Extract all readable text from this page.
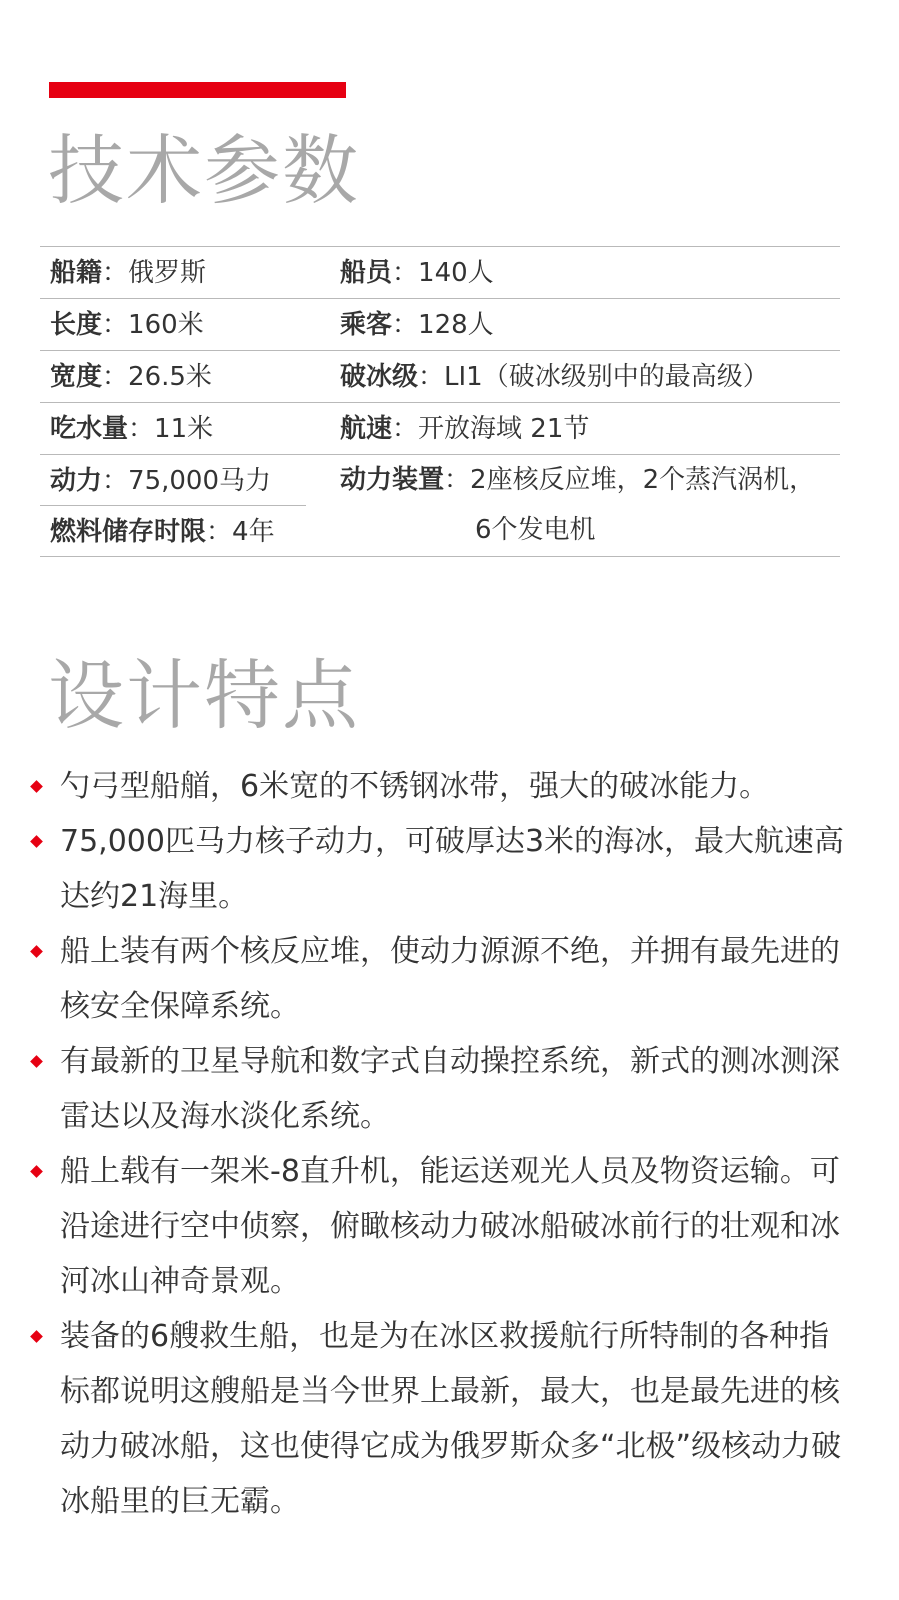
技术参数
船籍：俄罗斯	船员：140人
长度：160米	乘客：128人
宽度：26.5米	破冰级：LI1（破冰级别中的最高级）
吃水量：11米	航速：开放海域 21节
动力：75,000马力
燃料储存时限：4年
动力装置：2座核反应堆，2个蒸汽涡机，
6个发电机
设计特点
勺弓型船艏，6米宽的不锈钢冰带，强大的破冰能力。
75,000匹马力核子动力，可破厚达3米的海冰，最大航速高达约21海里。
船上装有两个核反应堆，使动力源源不绝，并拥有最先进的核安全保障系统。
有最新的卫星导航和数字式自动操控系统，新式的测冰测深雷达以及海水淡化系统。
船上载有一架米-8直升机，能运送观光人员及物资运输。可沿途进行空中侦察，俯瞰核动力破冰船破冰前行的壮观和冰河冰山神奇景观。
装备的6艘救生船，也是为在冰区救援航行所特制的各种指标都说明这艘船是当今世界上最新，最大，也是最先进的核动力破冰船，这也使得它成为俄罗斯众多“北极”级核动力破冰船里的巨无霸。
